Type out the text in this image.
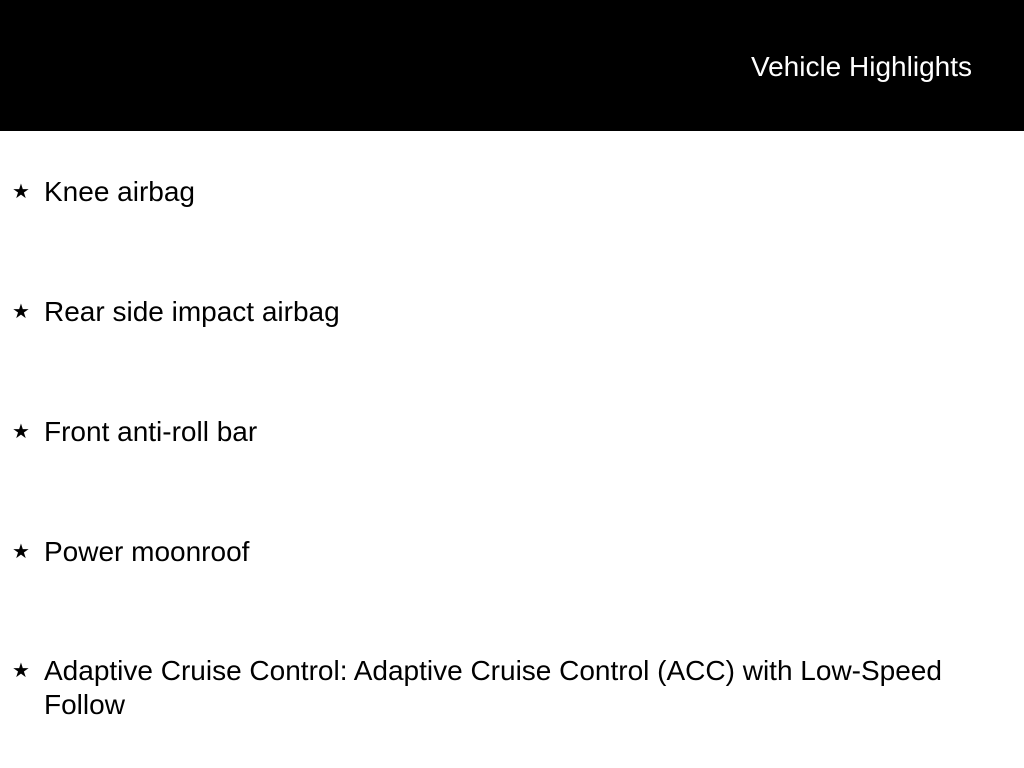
Vehicle Highlights
★ Knee airbag
★ Rear side impact airbag
★ Front anti-roll bar
★ Power moonroof
★ Adaptive Cruise Control: Adaptive Cruise Control (ACC) with Low-Speed Follow
